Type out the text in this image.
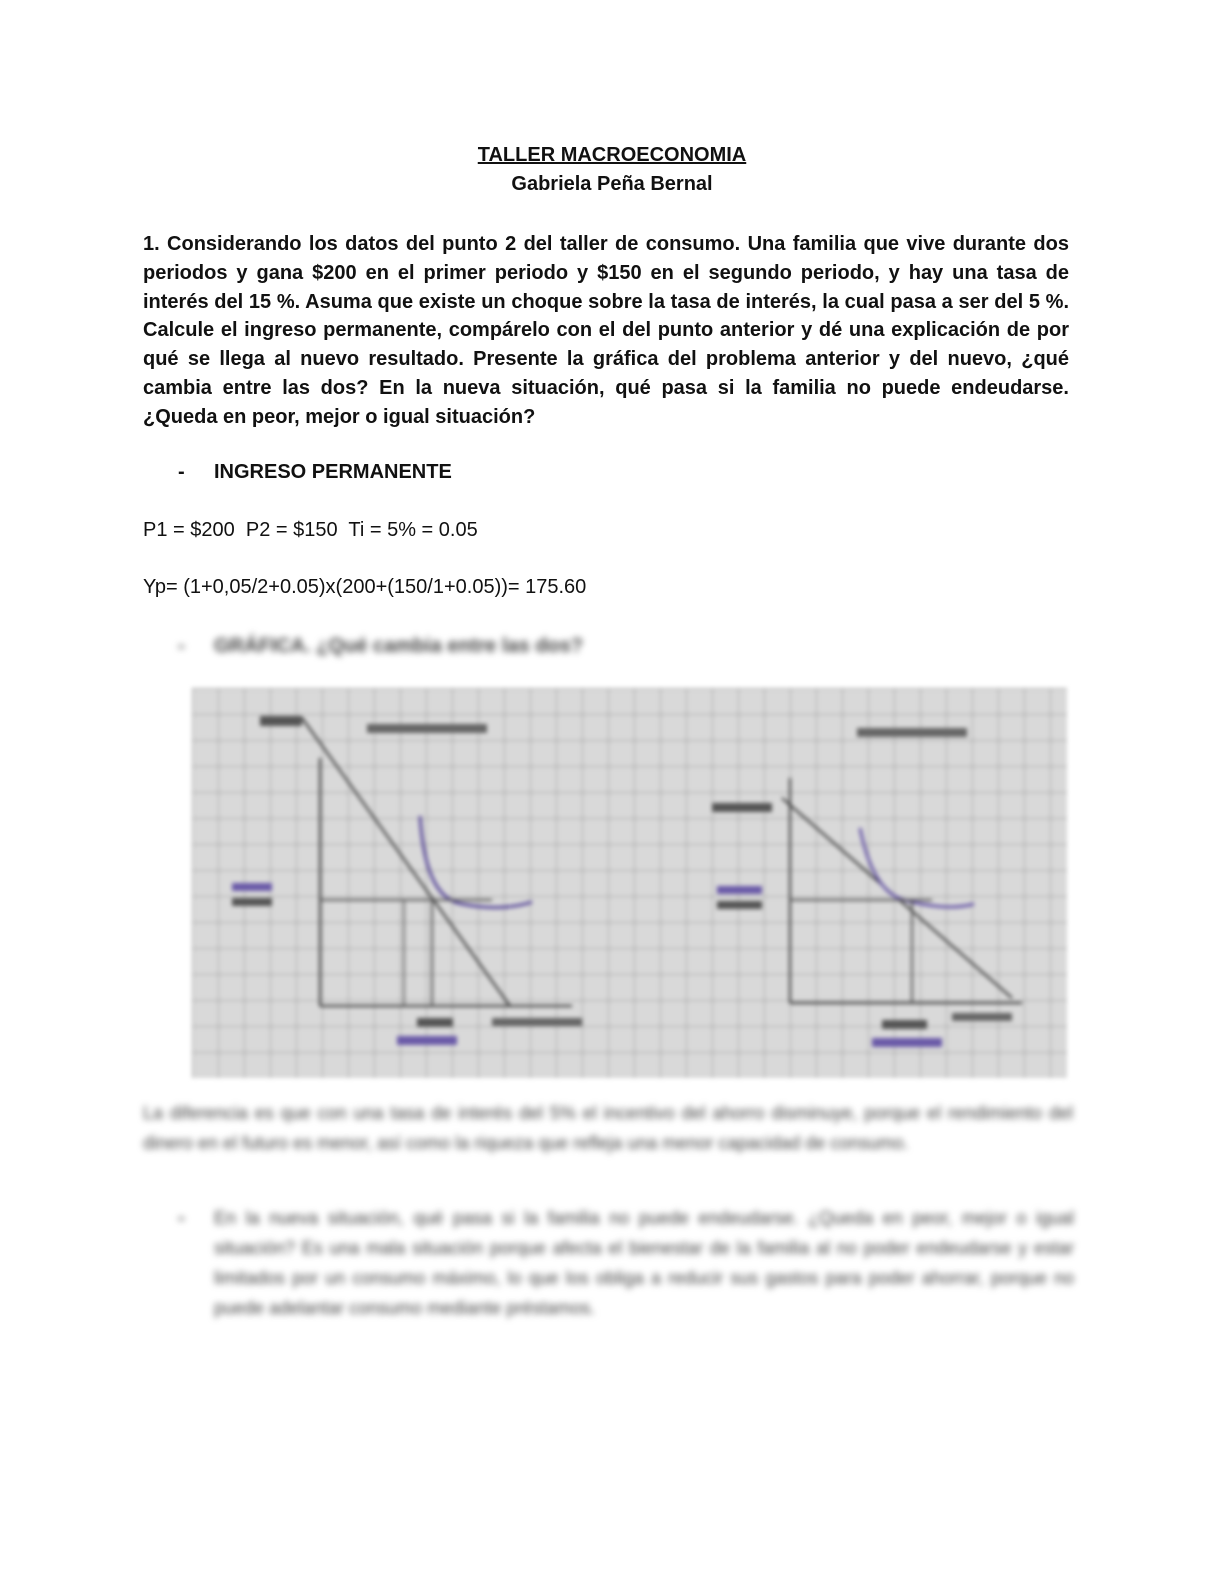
TALLER MACROECONOMIA
Gabriela Peña Bernal

1. Considerando los datos del punto 2 del taller de consumo. Una familia que vive durante dos periodos y gana $200 en el primer periodo y $150 en el segundo periodo, y hay una tasa de interés del 15 %. Asuma que existe un choque sobre la tasa de interés, la cual pasa a ser del 5 %. Calcule el ingreso permanente, compárelo con el del punto anterior y dé una explicación de por qué se llega al nuevo resultado. Presente la gráfica del problema anterior y del nuevo, ¿qué cambia entre las dos? En la nueva situación, qué pasa si la familia no puede endeudarse. ¿Queda en peor, mejor o igual situación?

- INGRESO PERMANENTE
P1 = $200  P2 = $150  Ti = 5% = 0.05
Yp= (1+0,05/2+0.05)x(200+(150/1+0.05))= 175.60
- GRÁFICA. ¿Qué cambia entre las dos?

La diferencia es que con una tasa de interés del 5% el incentivo del ahorro disminuye, porque el rendimiento del dinero en el futuro es menor, así como la riqueza que refleja una menor capacidad de consumo.

- En la nueva situación, qué pasa si la familia no puede endeudarse. ¿Queda en peor, mejor o igual situación? Es una mala situación porque afecta el bienestar de la familia al no poder endeudarse y estar limitados por un consumo máximo, lo que los obliga a reducir sus gastos para poder ahorrar, porque no puede adelantar consumo mediante préstamos.
